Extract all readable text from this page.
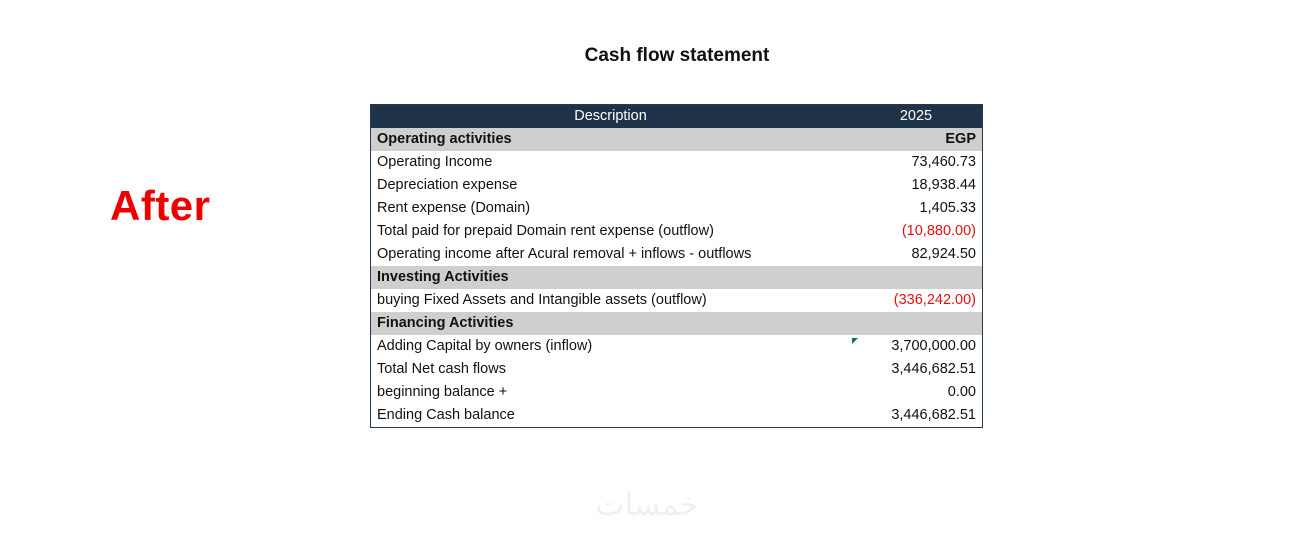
After
Cash flow statement
Description	2025
Operating activities	EGP
Operating Income	73,460.73
Depreciation expense	18,938.44
Rent expense (Domain)	1,405.33
Total paid for prepaid Domain rent expense (outflow)	(10,880.00)
Operating income after Acural removal + inflows - outflows	82,924.50
Investing Activities	
buying Fixed Assets and Intangible assets (outflow)	(336,242.00)
Financing Activities	
Adding Capital by owners (inflow)	3,700,000.00

Total Net cash flows	3,446,682.51
beginning balance +	0.00
Ending Cash balance	3,446,682.51
خمسات
